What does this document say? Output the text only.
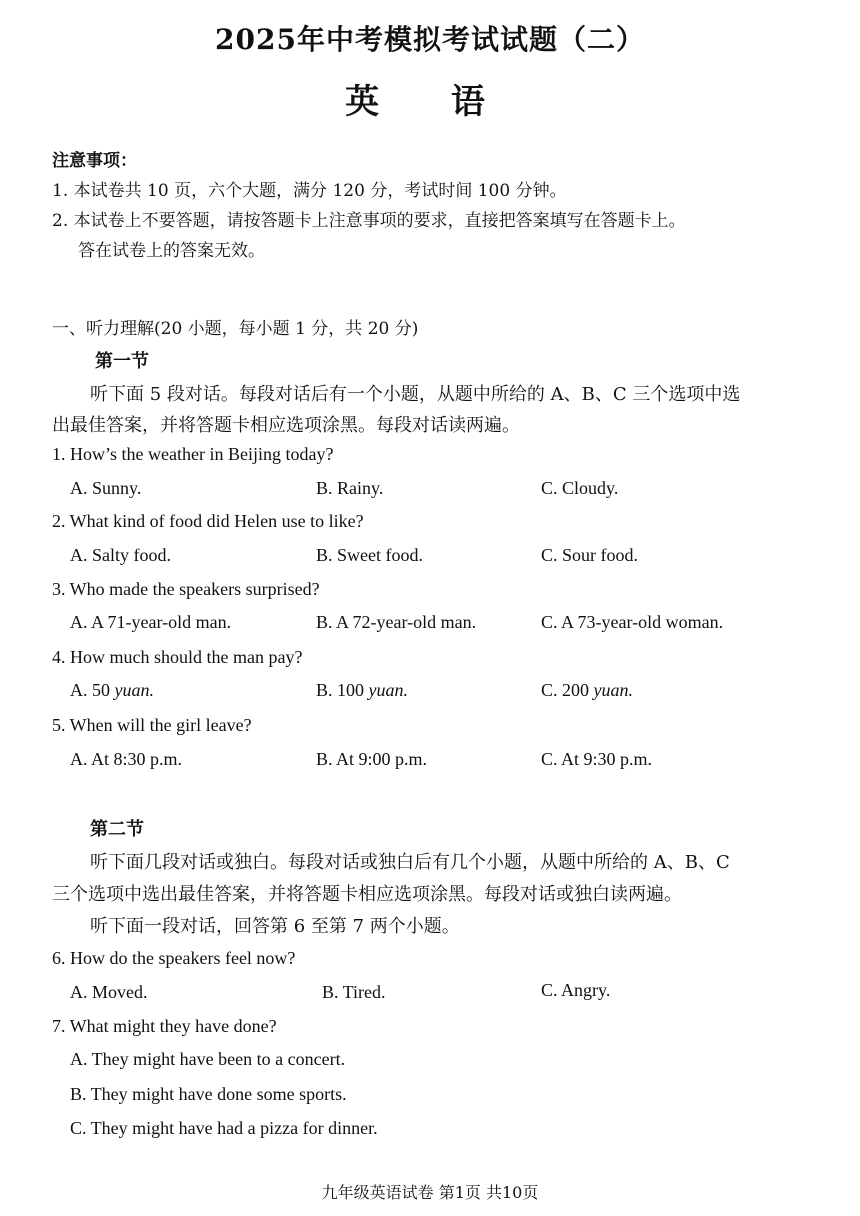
2025年中考模拟考试试题（二）
英 语
注意事项：
1. 本试卷共 10 页，六个大题，满分 120 分，考试时间 100 分钟。
2. 本试卷上不要答题，请按答题卡上注意事项的要求，直接把答案填写在答题卡上。
答在试卷上的答案无效。
一、听力理解(20 小题，每小题 1 分，共 20 分)
第一节
听下面 5 段对话。每段对话后有一个小题，从题中所给的 A、B、C 三个选项中选
出最佳答案，并将答题卡相应选项涂黑。每段对话读两遍。
1. How’s the weather in Beijing today?
A. Sunny.	B. Rainy.	C. Cloudy.
2. What kind of food did Helen use to like?
A. Salty food.	B. Sweet food.	C. Sour food.
3. Who made the speakers surprised?
A. A 71-year-old man.	B. A 72-year-old man.	C. A 73-year-old woman.
4. How much should the man pay?
A. 50 yuan.	B. 100 yuan.	C. 200 yuan.
5. When will the girl leave?
A. At 8:30 p.m.	B. At 9:00 p.m.	C. At 9:30 p.m.
第二节
听下面几段对话或独白。每段对话或独白后有几个小题，从题中所给的 A、B、C
三个选项中选出最佳答案，并将答题卡相应选项涂黑。每段对话或独白读两遍。
听下面一段对话，回答第 6 至第 7 两个小题。
6. How do the speakers feel now?
A. Moved.	B. Tired.	C. Angry.
7. What might they have done?
A. They might have been to a concert.
B. They might have done some sports.
C. They might have had a pizza for dinner.
九年级英语试卷 第1页 共10页
